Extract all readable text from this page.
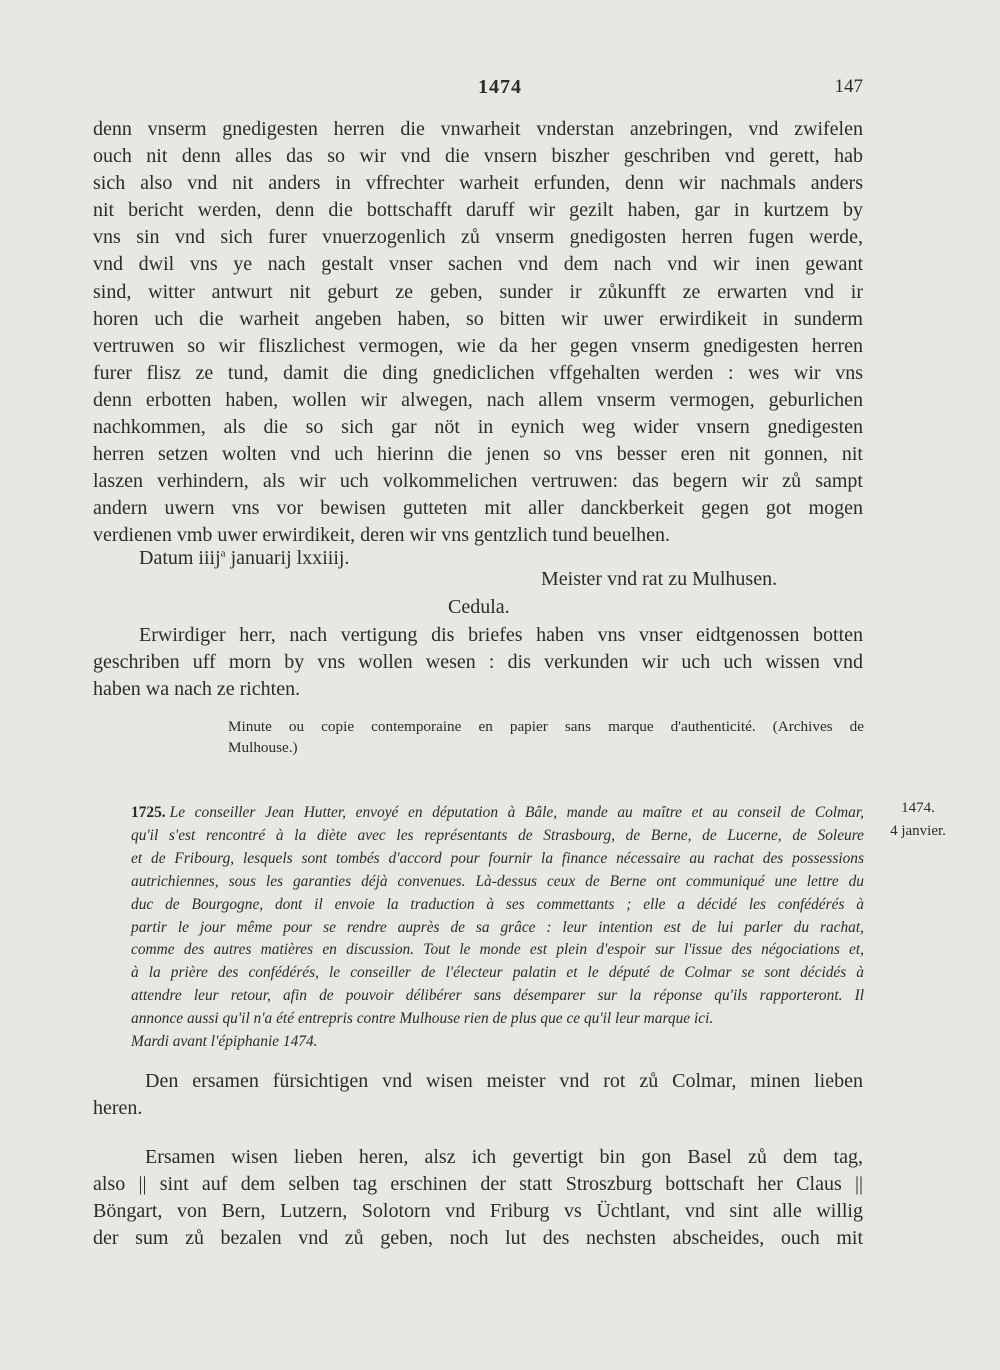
1474	147
denn vnserm gnedigesten herren die vnwarheit vnderstan anzebringen, vnd zwifelen
ouch nit denn alles das so wir vnd die vnsern biszher geschriben vnd gerett, hab
sich also vnd nit anders in vffrechter warheit erfunden, denn wir nachmals anders
nit bericht werden, denn die bottschafft daruff wir gezilt haben, gar in kurtzem by
vns sin vnd sich furer vnuerzogenlich zů vnserm gnedigosten herren fugen werde,
vnd dwil vns ye nach gestalt vnser sachen vnd dem nach vnd wir inen gewant
sind, witter antwurt nit geburt ze geben, sunder ir zůkunfft ze erwarten vnd ir
horen uch die warheit angeben haben, so bitten wir uwer erwirdikeit in sunderm
vertruwen so wir fliszlichest vermogen, wie da her gegen vnserm gnedigesten herren
furer flisz ze tund, damit die ding gnediclichen vffgehalten werden : wes wir vns
denn erbotten haben, wollen wir alwegen, nach allem vnserm vermogen, geburlichen
nachkommen, als die so sich gar nöt in eynich weg wider vnsern gnedigesten
herren setzen wolten vnd uch hierinn die jenen so vns besser eren nit gonnen, nit
laszen verhindern, als wir uch volkommelichen vertruwen: das begern wir zů sampt
andern uwern vns vor bewisen gutteten mit aller danckberkeit gegen got mogen
verdienen vmb uwer erwirdikeit, deren wir vns gentzlich tund beuelhen.
Datum iiij$^a$ januarij lxxiiij.
Meister vnd rat zu Mulhusen.
Cedula.
Erwirdiger herr, nach vertigung dis briefes haben vns vnser eidtgenossen botten
geschriben uff morn by vns wollen wesen : dis verkunden wir uch uch wissen vnd
haben wa nach ze richten.
Minute ou copie contemporaine en papier sans marque d'authenticité. (Archives de
Mulhouse.)
1725. Le conseiller Jean Hutter, envoyé en députation à Bâle, mande au maître et au conseil de Colmar,
qu'il s'est rencontré à la diète avec les représentants de Strasbourg, de Berne, de Lucerne, de Soleure
et de Fribourg, lesquels sont tombés d'accord pour fournir la finance nécessaire au rachat des possessions
autrichiennes, sous les garanties déjà convenues. Là-dessus ceux de Berne ont communiqué une lettre du
duc de Bourgogne, dont il envoie la traduction à ses commettants ; elle a décidé les confédérés à
partir le jour même pour se rendre auprès de sa grâce : leur intention est de lui parler du rachat,
comme des autres matières en discussion. Tout le monde est plein d'espoir sur l'issue des négociations et,
à la prière des confédérés, le conseiller de l'électeur palatin et le député de Colmar se sont décidés à
attendre leur retour, afin de pouvoir délibérer sans désemparer sur la réponse qu'ils rapporteront. Il
annonce aussi qu'il n'a été entrepris contre Mulhouse rien de plus que ce qu'il leur marque ici.
Mardi avant l'épiphanie 1474.
1474.
4 janvier.
Den ersamen fürsichtigen vnd wisen meister vnd rot zů Colmar, minen lieben
heren.
Ersamen wisen lieben heren, alsz ich gevertigt bin gon Basel zů dem tag,
also || sint auf dem selben tag erschinen der statt Stroszburg bottschaft her Claus ||
Böngart, von Bern, Lutzern, Solotorn vnd Friburg vs Üchtlant, vnd sint alle willig
der sum zů bezalen vnd zů geben, noch lut des nechsten abscheides, ouch mit
